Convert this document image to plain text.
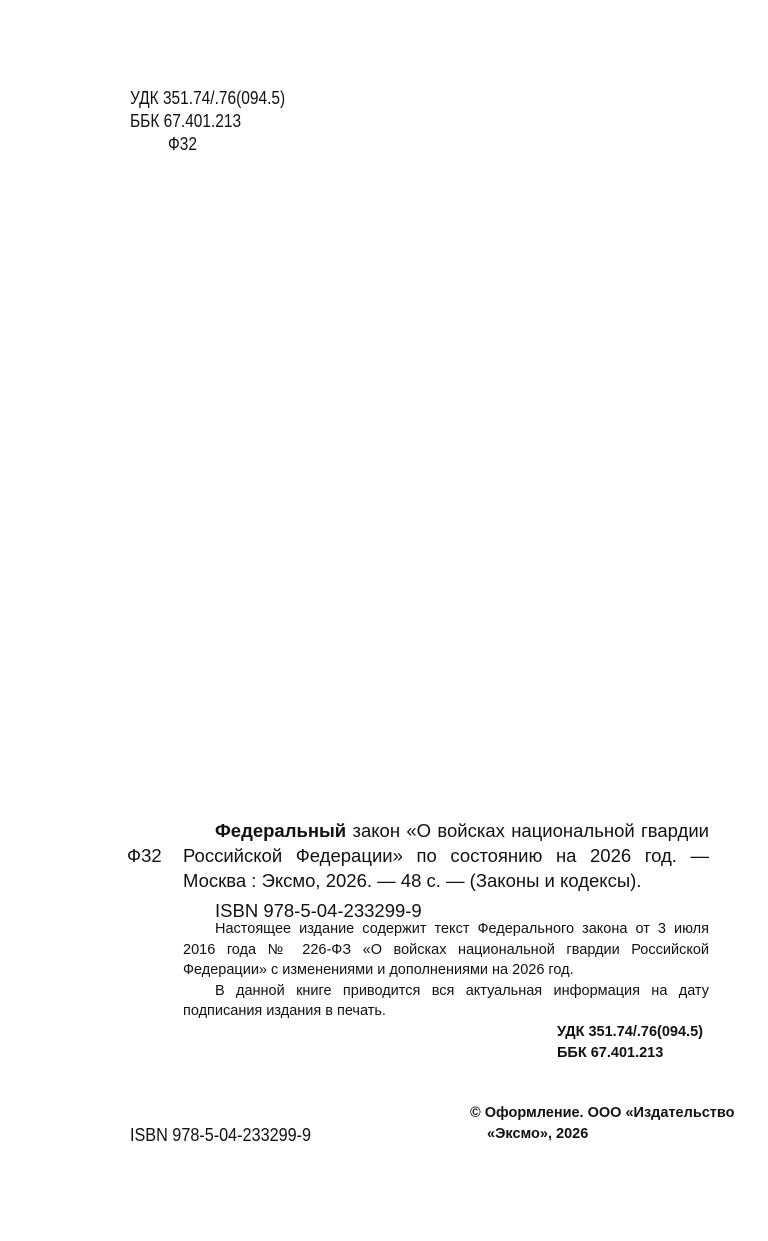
УДК 351.74/.76(094.5)
ББК 67.401.213
Ф32
Ф32

Федеральный закон «О войсках национальной гвардии Российской Федерации» по состоянию на 2026 год. — Москва : Эксмо, 2026. — 48 с. — (Законы и кодексы).

ISBN 978-5-04-233299-9

Настоящее издание содержит текст Федерального закона от 3 июля 2016 года № 226-ФЗ «О войсках национальной гвардии Российской Федерации» с изменениями и дополнениями на 2026 год.

В данной книге приводится вся актуальная информация на дату подписания издания в печать.

УДК 351.74/.76(094.5)
ББК 67.401.213
ISBN 978-5-04-233299-9
© Оформление. ООО «Издательство
«Эксмо», 2026
